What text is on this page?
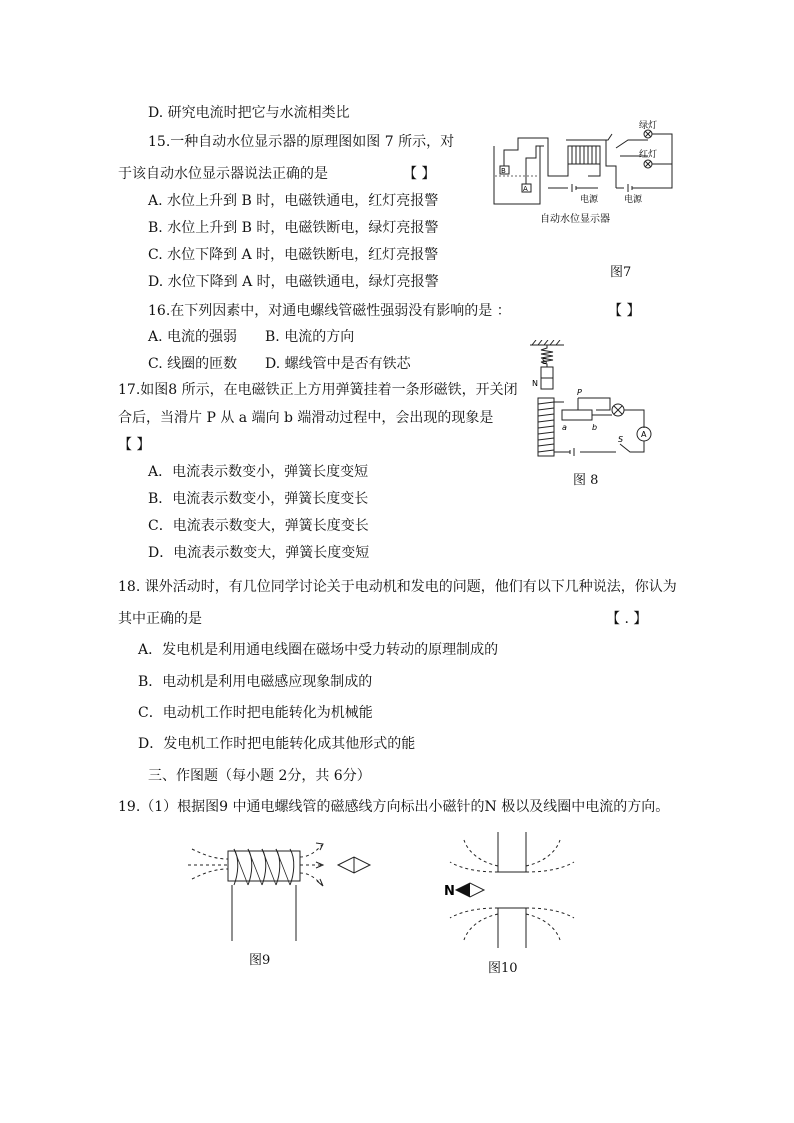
D. 研究电流时把它与水流相类比
15.一种自动水位显示器的原理图如图 7 所示，对
于该自动水位显示器说法正确的是	【 】
A. 水位上升到 B 时，电磁铁通电，红灯亮报警
B. 水位上升到 B 时，电磁铁断电，绿灯亮报警
C. 水位下降到 A 时，电磁铁断电，红灯亮报警
D. 水位下降到 A 时，电磁铁通电，绿灯亮报警
绿灯
红灯
电源	电源
B
A
自动水位显示器
图7
16.在下列因素中，对通电螺线管磁性强弱没有影响的是 ：	【 】
A. 电流的强弱 B. 电流的方向
C. 线圈的匝数 D. 螺线管中是否有铁芯
17.如图8 所示，在电磁铁正上方用弹簧挂着一条形磁铁，开关闭
合后，当滑片 P 从 a 端向 b 端滑动过程中，会出现的现象是
【 】
A．电流表示数变小，弹簧长度变短
B．电流表示数变小，弹簧长度变长
C．电流表示数变大，弹簧长度变长
D．电流表示数变大，弹簧长度变短
S
N
P
a	b
S
A
图 8
18. 课外活动时，有几位同学讨论关于电动机和发电的问题，他们有以下几种说法，你认为
其中正确的是	【 . 】
A．发电机是利用通电线圈在磁场中受力转动的原理制成的
B．电动机是利用电磁感应现象制成的
C．电动机工作时把电能转化为机械能
D．发电机工作时把电能转化成其他形式的能
三、作图题（每小题 2分，共 6分）
19.（1）根据图9 中通电螺线管的磁感线方向标出小磁针的N 极以及线圈中电流的方向。
图9
N
图10
